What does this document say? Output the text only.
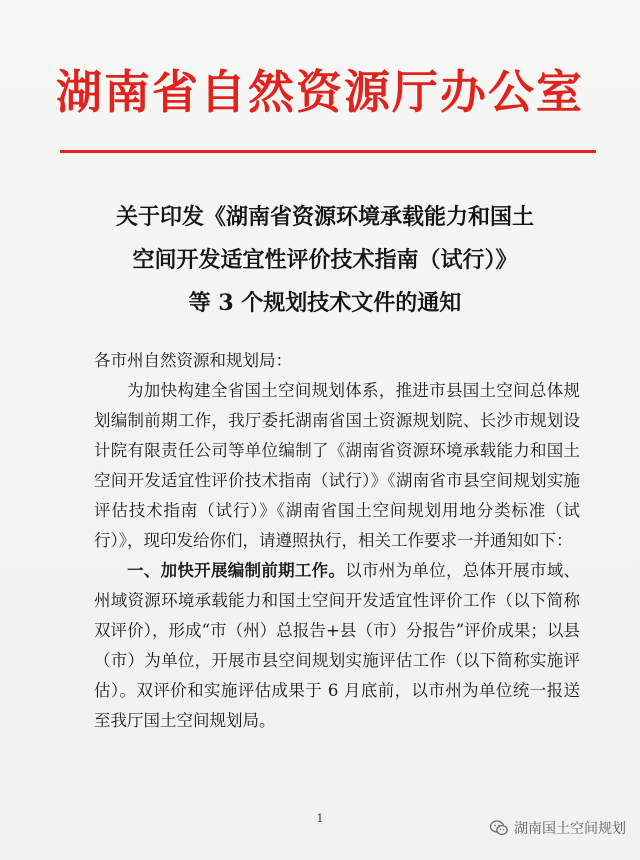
湖南省自然资源厅办公室
关于印发《湖南省资源环境承载能力和国土
空间开发适宜性评价技术指南（试行）》
等 3 个规划技术文件的通知

各市州自然资源和规划局：

为加快构建全省国土空间规划体系，推进市县国土空间总体规划编制前期工作，我厅委托湖南省国土资源规划院、长沙市规划设计院有限责任公司等单位编制了《湖南省资源环境承载能力和国土空间开发适宜性评价技术指南（试行）》《湖南省市县空间规划实施评估技术指南（试行）》《湖南省国土空间规划用地分类标准（试行）》，现印发给你们，请遵照执行，相关工作要求一并通知如下：

一、加快开展编制前期工作。以市州为单位，总体开展市域、州域资源环境承载能力和国土空间开发适宜性评价工作（以下简称双评价），形成“市（州）总报告+县（市）分报告”评价成果；以县（市）为单位，开展市县空间规划实施评估工作（以下简称实施评估）。双评价和实施评估成果于 6 月底前，以市州为单位统一报送至我厅国土空间规划局。

1
湖南国土空间规划
